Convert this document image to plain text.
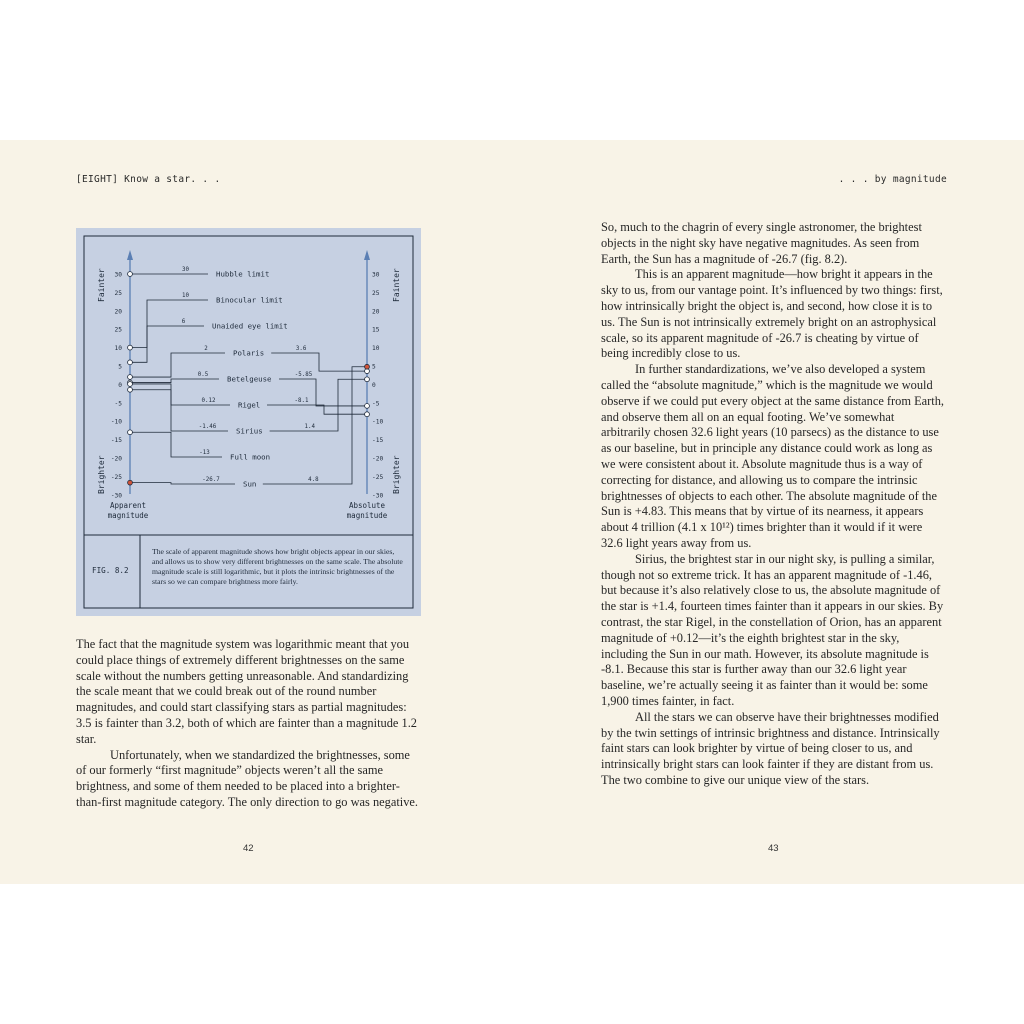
[EIGHT] Know a star. . .	. . . by magnitude
30
25
20
25
10
5
0
-5
-10
-15
-20
-25
-30
30
25
20
15
10
5
0
-5
-10
-15
-20
-25
-30
Fainter
Brighter
Fainter
Brighter
Apparent magnitude
Absolute magnitude
30	Hubble limit
10	Binocular limit
6	Unaided eye limit
2	Polaris	3.6
0.5	Betelgeuse	-5.85
0.12	Rigel	-8.1
-1.46	Sirius	1.4
-13	Full moon
-26.7	Sun	4.8
FIG. 8.2
The scale of apparent magnitude shows how bright objects appear in our skies, and allows us to show very different brightnesses on the same scale. The absolute magnitude scale is still logarithmic, but it plots the intrinsic brightnesses of the stars so we can compare brightness more fairly.

The fact that the magnitude system was logarithmic meant that you could place things of extremely different brightnesses on the same scale without the numbers getting unreasonable. And standardizing the scale meant that we could break out of the round number magnitudes, and could start classifying stars as partial magnitudes: 3.5 is fainter than 3.2, both of which are fainter than a magnitude 1.2 star.

Unfortunately, when we standardized the brightnesses, some of our formerly “first magnitude” objects weren’t all the same brightness, and some of them needed to be placed into a brighter-than-first magnitude category. The only direction to go was negative.

42

So, much to the chagrin of every single astronomer, the brightest objects in the night sky have negative magnitudes. As seen from Earth, the Sun has a magnitude of -26.7 (fig. 8.2).

This is an apparent magnitude—how bright it appears in the sky to us, from our vantage point. It’s influenced by two things: first, how intrinsically bright the object is, and second, how close it is to us. The Sun is not intrinsically extremely bright on an astrophysical scale, so its apparent magnitude of -26.7 is cheating by virtue of being incredibly close to us.

In further standardizations, we’ve also developed a system called the “absolute magnitude,” which is the magnitude we would observe if we could put every object at the same distance from Earth, and observe them all on an equal footing. We’ve somewhat arbitrarily chosen 32.6 light years (10 parsecs) as the distance to use as our baseline, but in principle any distance could work as long as we were consistent about it. Absolute magnitude thus is a way of correcting for distance, and allowing us to compare the intrinsic brightnesses of objects to each other. The absolute magnitude of the Sun is +4.83. This means that by virtue of its nearness, it appears about 4 trillion (4.1 x 10¹²) times brighter than it would if it were 32.6 light years away from us.

Sirius, the brightest star in our night sky, is pulling a similar, though not so extreme trick. It has an apparent magnitude of -1.46, but because it’s also relatively close to us, the absolute magnitude of the star is +1.4, fourteen times fainter than it appears in our skies. By contrast, the star Rigel, in the constellation of Orion, has an apparent magnitude of +0.12—it’s the eighth brightest star in the sky, including the Sun in our math. However, its absolute magnitude is -8.1. Because this star is further away than our 32.6 light year baseline, we’re actually seeing it as fainter than it would be: some 1,900 times fainter, in fact.

All the stars we can observe have their brightnesses modified by the twin settings of intrinsic brightness and distance. Intrinsically faint stars can look brighter by virtue of being closer to us, and intrinsically bright stars can look fainter if they are distant from us. The two combine to give our unique view of the stars.

43
